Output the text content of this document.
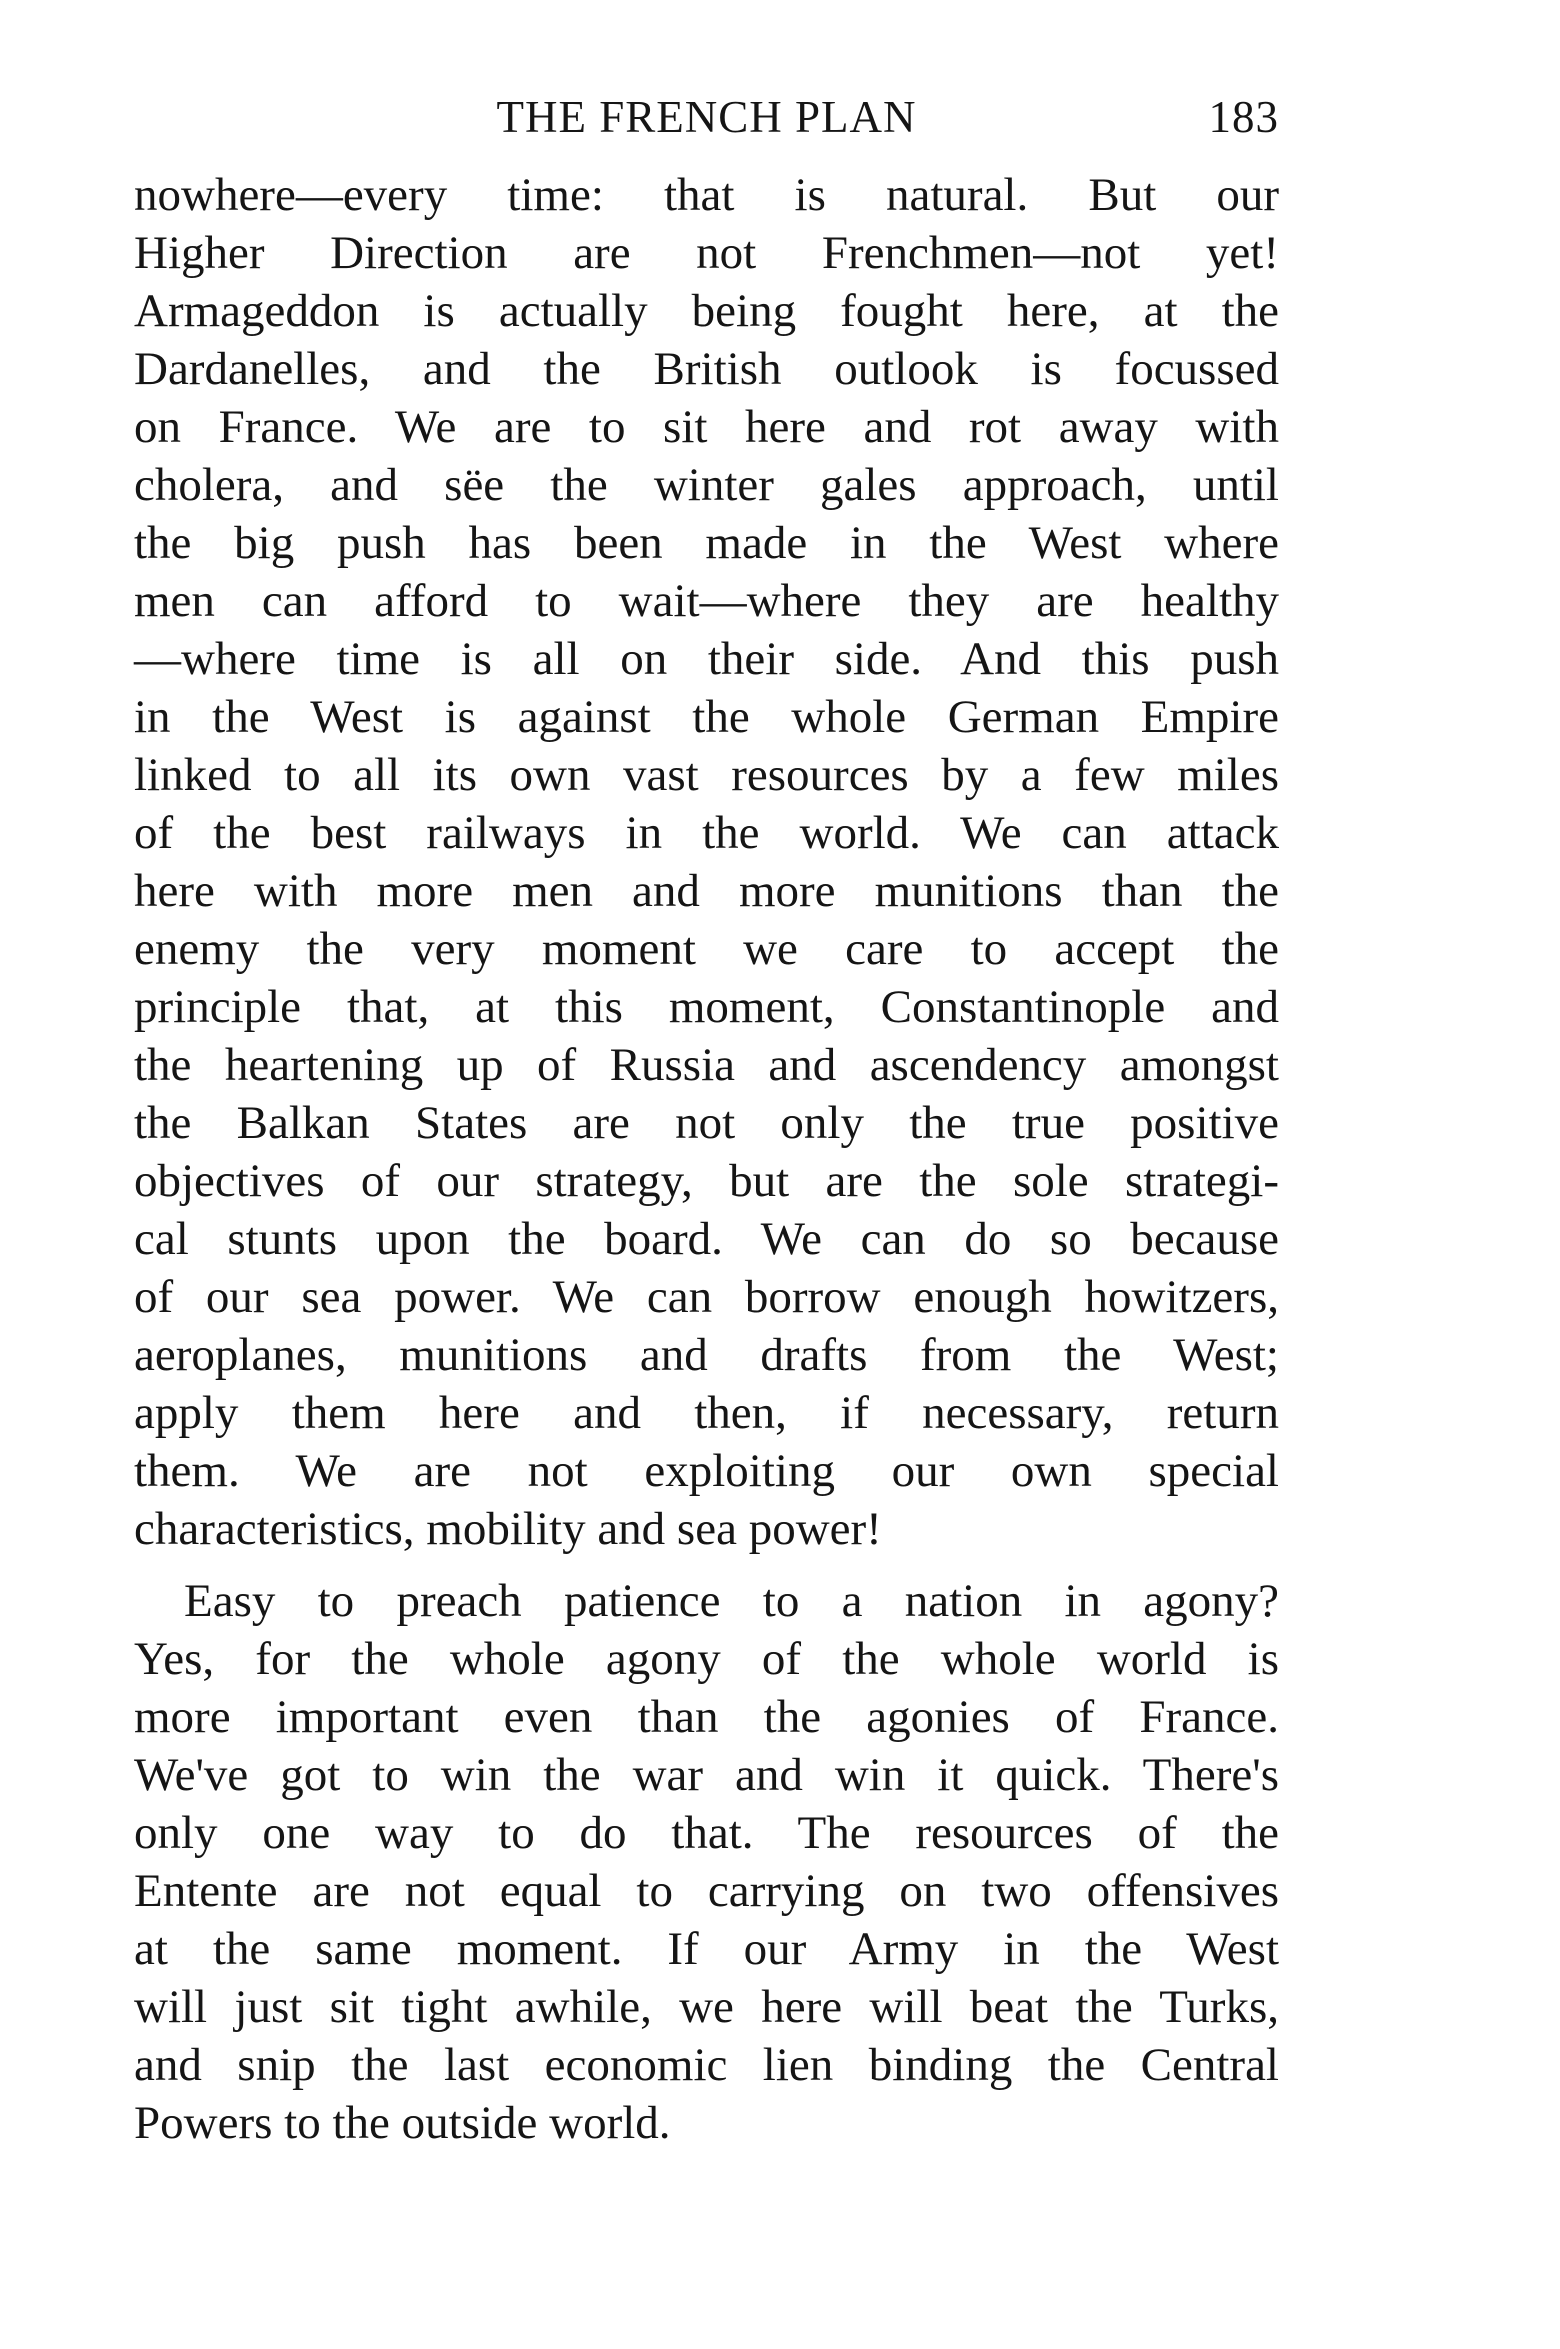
THE FRENCH PLAN	183
nowhere—every time: that is natural. But our
Higher Direction are not Frenchmen—not yet!
Armageddon is actually being fought here, at the
Dardanelles, and the British outlook is focussed
on France. We are to sit here and rot away with
cholera, and sëe the winter gales approach, until
the big push has been made in the West where
men can afford to wait—where they are healthy
—where time is all on their side. And this push
in the West is against the whole German Empire
linked to all its own vast resources by a few miles
of the best railways in the world. We can attack
here with more men and more munitions than the
enemy the very moment we care to accept the
principle that, at this moment, Constantinople and
the heartening up of Russia and ascendency amongst
the Balkan States are not only the true positive
objectives of our strategy, but are the sole strategi-
cal stunts upon the board. We can do so because
of our sea power. We can borrow enough howitzers,
aeroplanes, munitions and drafts from the West;
apply them here and then, if necessary, return
them. We are not exploiting our own special
characteristics, mobility and sea power!
Easy to preach patience to a nation in agony?
Yes, for the whole agony of the whole world is
more important even than the agonies of France.
We've got to win the war and win it quick. There's
only one way to do that. The resources of the
Entente are not equal to carrying on two offensives
at the same moment. If our Army in the West
will just sit tight awhile, we here will beat the Turks,
and snip the last economic lien binding the Central
Powers to the outside world.
